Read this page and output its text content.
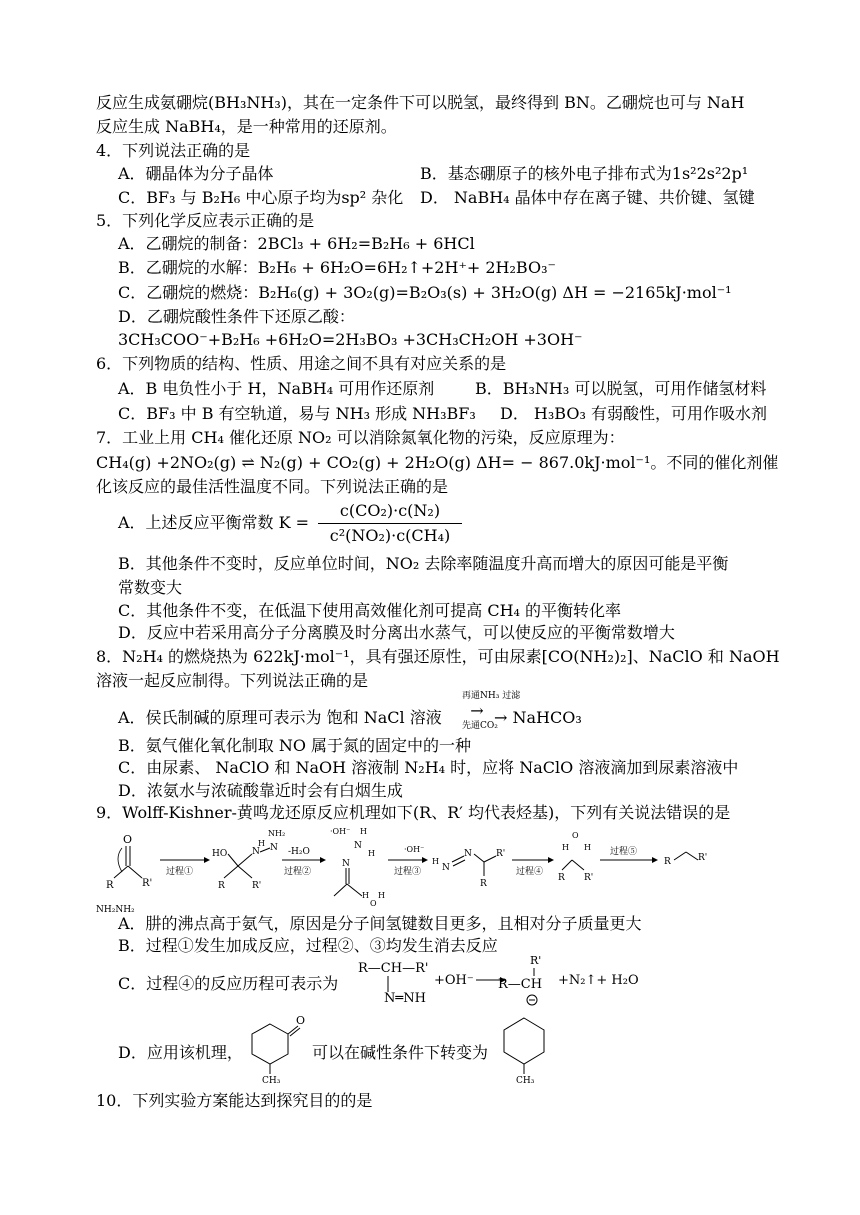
反应生成氨硼烷(BH₃NH₃)，其在一定条件下可以脱氢，最终得到 BN。乙硼烷也可与 NaH
反应生成 NaBH₄，是一种常用的还原剂。
4．下列说法正确的是
A．硼晶体为分子晶体	B．基态硼原子的核外电子排布式为1s²2s²2p¹
C．BF₃ 与 B₂H₆ 中心原子均为sp² 杂化 D． NaBH₄ 晶体中存在离子键、共价键、氢键
5．下列化学反应表示正确的是
A．乙硼烷的制备：2BCl₃ + 6H₂=B₂H₆ + 6HCl
B．乙硼烷的水解：B₂H₆ + 6H₂O=6H₂↑+2H⁺+ 2H₂BO₃⁻
C．乙硼烷的燃烧：B₂H₆(g) + 3O₂(g)=B₂O₃(s) + 3H₂O(g) ΔH = −2165kJ·mol⁻¹
D．乙硼烷酸性条件下还原乙酸：
3CH₃COO⁻+B₂H₆ +6H₂O=2H₃BO₃ +3CH₃CH₂OH +3OH⁻
6．下列物质的结构、性质、用途之间不具有对应关系的是
A．B 电负性小于 H，NaBH₄ 可用作还原剂	B．BH₃NH₃ 可以脱氢，可用作储氢材料
C．BF₃ 中 B 有空轨道，易与 NH₃ 形成 NH₃BF₃ D． H₃BO₃ 有弱酸性，可用作吸水剂
7．工业上用 CH₄ 催化还原 NO₂ 可以消除氮氧化物的污染，反应原理为：
CH₄(g) +2NO₂(g) ⇌ N₂(g) + CO₂(g) + 2H₂O(g) ΔH= − 867.0kJ·mol⁻¹。不同的催化剂催
化该反应的最佳活性温度不同。下列说法正确的是
A．上述反应平衡常数 K =
c(CO₂)·c(N₂)
c²(NO₂)·c(CH₄)
B．其他条件不变时，反应单位时间，NO₂ 去除率随温度升高而增大的原因可能是平衡
常数变大
C．其他条件不变，在低温下使用高效催化剂可提高 CH₄ 的平衡转化率
D．反应中若采用高分子分离膜及时分离出水蒸气，可以使反应的平衡常数增大
8．N₂H₄ 的燃烧热为 622kJ·mol⁻¹，具有强还原性，可由尿素[CO(NH₂)₂]、NaClO 和 NaOH
溶液一起反应制得。下列说法正确的是
A．侯氏制碱的原理可表示为 饱和 NaCl 溶液
再通NH₃ 过滤
→
先通CO₂
→ NaHCO₃
B．氨气催化氧化制取 NO 属于氮的固定中的一种
C．由尿素、 NaClO 和 NaOH 溶液制 N₂H₄ 时，应将 NaClO 溶液滴加到尿素溶液中
D．浓氨水与浓硫酸靠近时会有白烟生成
9．Wolff-Kishner-黄鸣龙还原反应机理如下(R、R′ 均代表烃基)，下列有关说法错误的是
O
R	R'
NH₂NH₂
过程①
HO	N
H N
NH₂
R	R'
-H₂O
过程②
·OH⁻ H
N
H
N
H
O
H
过程③
·OH⁻
H
N
N	R'
R
过程④
O
H H
R R'
过程⑤
R	R'
A．肼的沸点高于氨气，原因是分子间氢键数目更多，且相对分子质量更大
B．过程①发生加成反应，过程②、③均发生消去反应
C．过程④的反应历程可表示为
R—CH—R'
N═NH
+OH⁻
R'
R—CH +N₂↑+ H₂O
D．应用该机理，
O
CH₃
可以在碱性条件下转变为
CH₃
10．下列实验方案能达到探究目的的是
